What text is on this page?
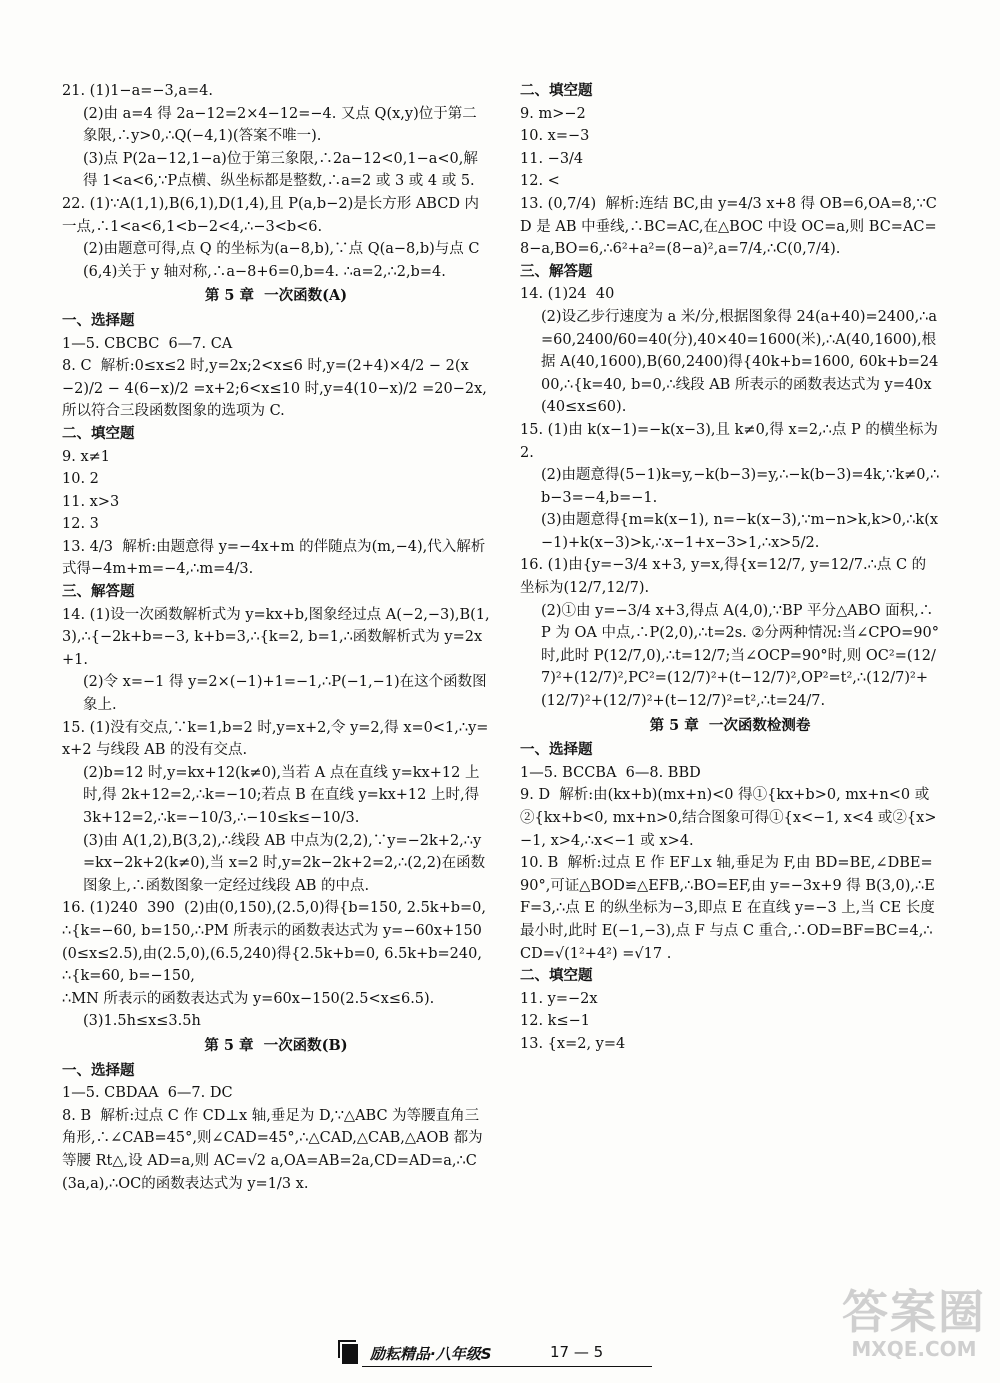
21. (1)1−a=−3,a=4.

(2)由 a=4 得 2a−12=2×4−12=−4. 又点 Q(x,y)位于第二象限,∴y>0,∴Q(−4,1)(答案不唯一).

(3)点 P(2a−12,1−a)位于第三象限,∴2a−12<0,1−a<0,解得 1<a<6,∵P点横、纵坐标都是整数,∴a=2 或 3 或 4 或 5.

22. (1)∵A(1,1),B(6,1),D(1,4),且 P(a,b−2)是长方形 ABCD 内一点,∴1<a<6,1<b−2<4,∴−3<b<6.

(2)由题意可得,点 Q 的坐标为(a−8,b),∵点 Q(a−8,b)与点 C(6,4)关于 y 轴对称,∴a−8+6=0,b=4. ∴a=2,∴2,b=4.

第 5 章  一次函数(A)

一、选择题

1—5. CBCBC  6—7. CA

8. C  解析:0≤x≤2 时,y=2x;2<x≤6 时,y=(2+4)×4/2 − 2(x−2)/2 − 4(6−x)/2 =x+2;6<x≤10 时,y=4(10−x)/2 =20−2x,所以符合三段函数图象的选项为 C.

二、填空题

9. x≠1

10. 2

11. x>3

12. 3

13. 4/3  解析:由题意得 y=−4x+m 的伴随点为(m,−4),代入解析式得−4m+m=−4,∴m=4/3.

三、解答题

14. (1)设一次函数解析式为 y=kx+b,图象经过点 A(−2,−3),B(1,3),∴{−2k+b=−3, k+b=3,∴{k=2, b=1,∴函数解析式为 y=2x+1.

(2)令 x=−1 得 y=2×(−1)+1=−1,∴P(−1,−1)在这个函数图象上.

15. (1)没有交点,∵k=1,b=2 时,y=x+2,令 y=2,得 x=0<1,∴y=x+2 与线段 AB 的没有交点.

(2)b=12 时,y=kx+12(k≠0),当若 A 点在直线 y=kx+12 上时,得 2k+12=2,∴k=−10;若点 B 在直线 y=kx+12 上时,得 3k+12=2,∴k=−10/3,∴−10≤k≤−10/3.

(3)由 A(1,2),B(3,2),∴线段 AB 中点为(2,2),∵y=−2k+2,∴y=kx−2k+2(k≠0),当 x=2 时,y=2k−2k+2=2,∴(2,2)在函数图象上,∴函数图象一定经过线段 AB 的中点.

16. (1)240  390  (2)由(0,150),(2.5,0)得{b=150, 2.5k+b=0,∴{k=−60, b=150,∴PM 所表示的函数表达式为 y=−60x+150(0≤x≤2.5),由(2.5,0),(6.5,240)得{2.5k+b=0, 6.5k+b=240,∴{k=60, b=−150,

∴MN 所表示的函数表达式为 y=60x−150(2.5<x≤6.5).

(3)1.5h≤x≤3.5h

第 5 章  一次函数(B)

一、选择题

1—5. CBDAA  6—7. DC

8. B  解析:过点 C 作 CD⊥x 轴,垂足为 D,∵△ABC 为等腰直角三角形,∴∠CAB=45°,则∠CAD=45°,∴△CAD,△CAB,△AOB 都为等腰 Rt△,设 AD=a,则 AC=√2 a,OA=AB=2a,CD=AD=a,∴C(3a,a),∴OC的函数表达式为 y=1/3 x.

二、填空题

9. m>−2

10. x=−3

11. −3/4

12. <

13. (0,7/4)  解析:连结 BC,由 y=4/3 x+8 得 OB=6,OA=8,∵CD 是 AB 中垂线,∴BC=AC,在△BOC 中设 OC=a,则 BC=AC=8−a,BO=6,∴6²+a²=(8−a)²,a=7/4,∴C(0,7/4).

三、解答题

14. (1)24  40

(2)设乙步行速度为 a 米/分,根据图象得 24(a+40)=2400,∴a=60,2400/60=40(分),40×40=1600(米),∴A(40,1600),根据 A(40,1600),B(60,2400)得{40k+b=1600, 60k+b=2400,∴{k=40, b=0,∴线段 AB 所表示的函数表达式为 y=40x(40≤x≤60).

15. (1)由 k(x−1)=−k(x−3),且 k≠0,得 x=2,∴点 P 的横坐标为 2.

(2)由题意得(5−1)k=y,−k(b−3)=y,∴−k(b−3)=4k,∵k≠0,∴b−3=−4,b=−1.

(3)由题意得{m=k(x−1), n=−k(x−3),∵m−n>k,k>0,∴k(x−1)+k(x−3)>k,∴x−1+x−3>1,∴x>5/2.

16. (1)由{y=−3/4 x+3, y=x,得{x=12/7, y=12/7.∴点 C 的坐标为(12/7,12/7).

(2)①由 y=−3/4 x+3,得点 A(4,0),∵BP 平分△ABO 面积,∴P 为 OA 中点,∴P(2,0),∴t=2s. ②分两种情况:当∠CPO=90°时,此时 P(12/7,0),∴t=12/7;当∠OCP=90°时,则 OC²=(12/7)²+(12/7)²,PC²=(12/7)²+(t−12/7)²,OP²=t²,∴(12/7)²+(12/7)²+(12/7)²+(t−12/7)²=t²,∴t=24/7.

第 5 章  一次函数检测卷

一、选择题

1—5. BCCBA  6—8. BBD

9. D  解析:由(kx+b)(mx+n)<0 得①{kx+b>0, mx+n<0 或②{kx+b<0, mx+n>0,结合图象可得①{x<−1, x<4 或②{x>−1, x>4,∴x<−1 或 x>4.

10. B  解析:过点 E 作 EF⊥x 轴,垂足为 F,由 BD=BE,∠DBE=90°,可证△BOD≌△EFB,∴BO=EF,由 y=−3x+9 得 B(3,0),∴EF=3,∴点 E 的纵坐标为−3,即点 E 在直线 y=−3 上,当 CE 长度最小时,此时 E(−1,−3),点 F 与点 C 重合,∴OD=BF=BC=4,∴CD=√(1²+4²) =√17 .

二、填空题

11. y=−2x

12. k≤−1

13. {x=2, y=4

励耘精品·八年级S	17 — 5
答案圈
MXQE.COM
